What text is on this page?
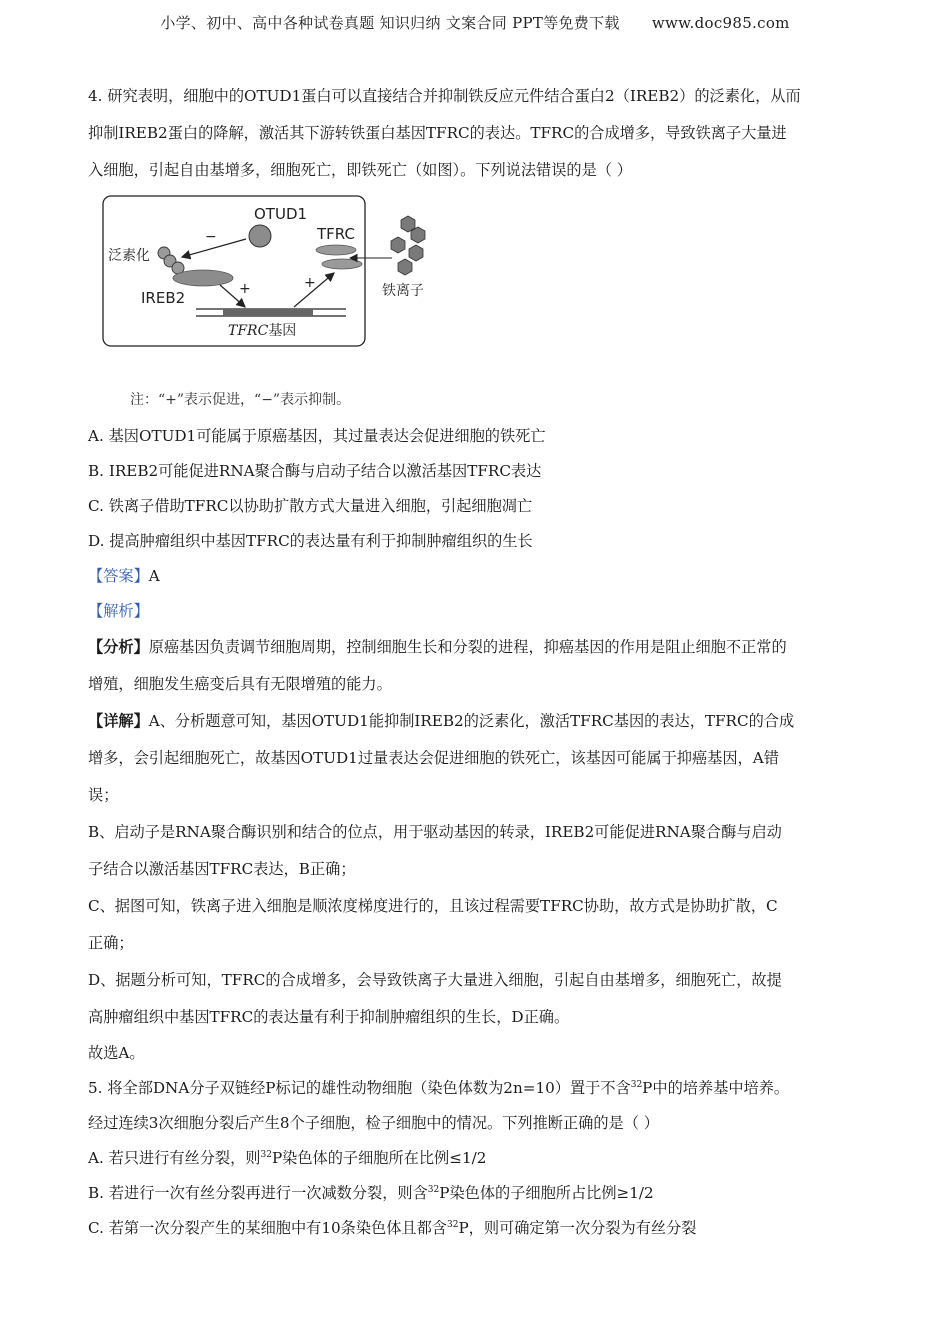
小学、初中、高中各种试卷真题 知识归纳 文案合同 PPT等免费下载 www.doc985.com

4. 研究表明，细胞中的OTUD1蛋白可以直接结合并抑制铁反应元件结合蛋白2（IREB2）的泛素化，从而

抑制IREB2蛋白的降解，激活其下游转铁蛋白基因TFRC的表达。TFRC的合成增多，导致铁离子大量进

入细胞，引起自由基增多，细胞死亡，即铁死亡（如图）。下列说法错误的是（ ）

OTUD1
−
泛素化
IREB2	+
TFRC基因
+
TFRC
铁离子
注：“+”表示促进，“−”表示抑制。

A. 基因OTUD1可能属于原癌基因，其过量表达会促进细胞的铁死亡

B. IREB2可能促进RNA聚合酶与启动子结合以激活基因TFRC表达

C. 铁离子借助TFRC以协助扩散方式大量进入细胞，引起细胞凋亡

D. 提高肿瘤组织中基因TFRC的表达量有利于抑制肿瘤组织的生长

【答案】A

【解析】

【分析】原癌基因负责调节细胞周期，控制细胞生长和分裂的进程，抑癌基因的作用是阻止细胞不正常的

增殖，细胞发生癌变后具有无限增殖的能力。

【详解】A、分析题意可知，基因OTUD1能抑制IREB2的泛素化，激活TFRC基因的表达，TFRC的合成

增多，会引起细胞死亡，故基因OTUD1过量表达会促进细胞的铁死亡，该基因可能属于抑癌基因，A错

误；

B、启动子是RNA聚合酶识别和结合的位点，用于驱动基因的转录，IREB2可能促进RNA聚合酶与启动

子结合以激活基因TFRC表达，B正确；

C、据图可知，铁离子进入细胞是顺浓度梯度进行的，且该过程需要TFRC协助，故方式是协助扩散，C

正确；

D、据题分析可知，TFRC的合成增多，会导致铁离子大量进入细胞，引起自由基增多，细胞死亡，故提

高肿瘤组织中基因TFRC的表达量有利于抑制肿瘤组织的生长，D正确。

故选A。

5. 将全部DNA分子双链经P标记的雄性动物细胞（染色体数为2n=10）置于不含$^{32}$P中的培养基中培养。

经过连续3次细胞分裂后产生8个子细胞，检子细胞中的情况。下列推断正确的是（ ）

A. 若只进行有丝分裂，则$^{32}$P染色体的子细胞所在比例≤1/2

B. 若进行一次有丝分裂再进行一次减数分裂，则含$^{32}$P染色体的子细胞所占比例≥1/2

C. 若第一次分裂产生的某细胞中有10条染色体且都含$^{32}$P，则可确定第一次分裂为有丝分裂
